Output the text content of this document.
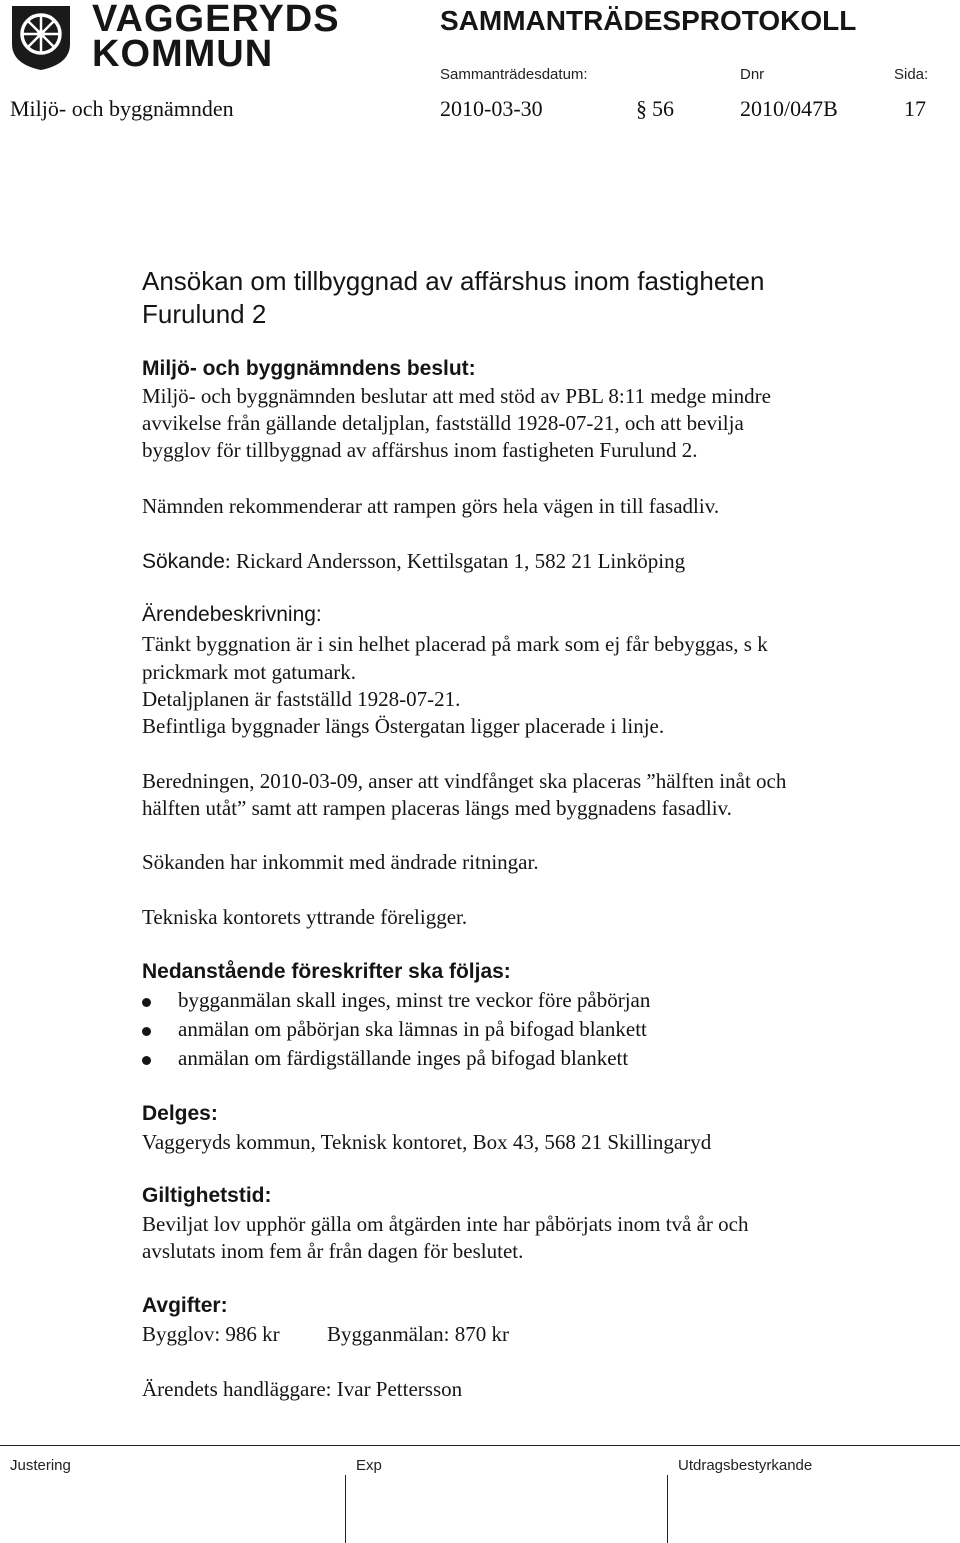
VAGGERYDS
KOMMUN
SAMMANTRÄDESPROTOKOLL
Sammanträdesdatum:	Dnr	Sida:
Miljö- och byggnämnden	2010-03-30	§ 56	2010/047B	17
Ansökan om tillbyggnad av affärshus inom fastigheten
Furulund 2
Miljö- och byggnämndens beslut:
Miljö- och byggnämnden beslutar att med stöd av PBL 8:11 medge mindre
avvikelse från gällande detaljplan, fastställd 1928-07-21, och att bevilja
bygglov för tillbyggnad av affärshus inom fastigheten Furulund 2.
Nämnden rekommenderar att rampen görs hela vägen in till fasadliv.
Sökande: Rickard Andersson, Kettilsgatan 1, 582 21 Linköping
Ärendebeskrivning:
Tänkt byggnation är i sin helhet placerad på mark som ej får bebyggas, s k
prickmark mot gatumark.
Detaljplanen är fastställd 1928-07-21.
Befintliga byggnader längs Östergatan ligger placerade i linje.
Beredningen, 2010-03-09, anser att vindfånget ska placeras ”hälften inåt och
hälften utåt” samt att rampen placeras längs med byggnadens fasadliv.
Sökanden har inkommit med ändrade ritningar.
Tekniska kontorets yttrande föreligger.
Nedanstående föreskrifter ska följas:
bygganmälan skall inges, minst tre veckor före påbörjan
anmälan om påbörjan ska lämnas in på bifogad blankett
anmälan om färdigställande inges på bifogad blankett
Delges:
Vaggeryds kommun, Teknisk kontoret, Box 43, 568 21 Skillingaryd
Giltighetstid:
Beviljat lov upphör gälla om åtgärden inte har påbörjats inom två år och
avslutats inom fem år från dagen för beslutet.
Avgifter:
Bygglov: 986 kr Bygganmälan: 870 kr
Ärendets handläggare: Ivar Pettersson
Justering	Exp	Utdragsbestyrkande
